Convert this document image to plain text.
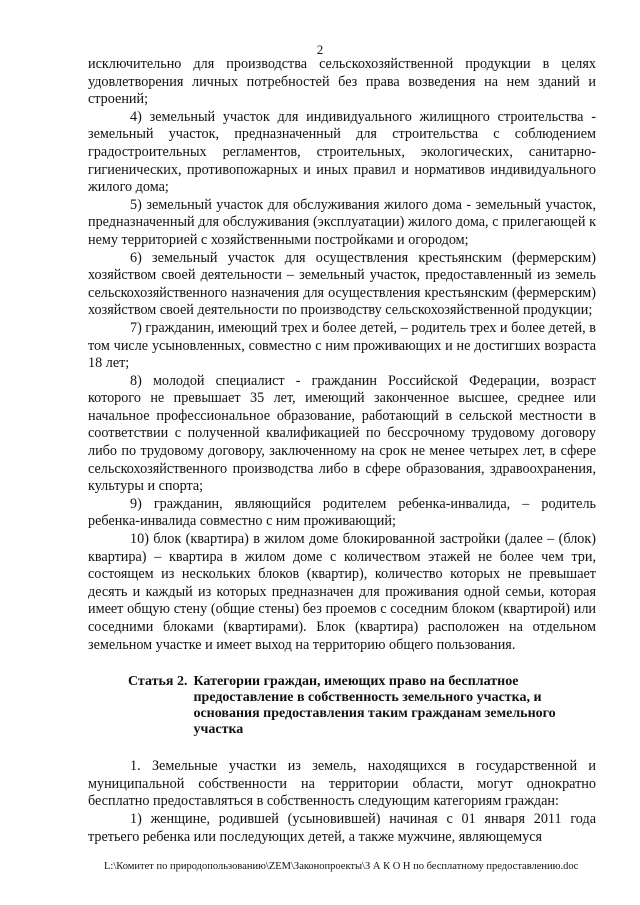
2

исключительно для производства сельскохозяйственной продукции в целях удовлетворения личных потребностей без права возведения на нем зданий и строений;

4) земельный участок для индивидуального жилищного строительства - земельный участок, предназначенный для строительства с соблюдением градостроительных регламентов, строительных, экологических, санитарно-гигиенических, противопожарных и иных правил и нормативов индивидуального жилого дома;

5) земельный участок для обслуживания жилого дома - земельный участок, предназначенный для обслуживания (эксплуатации) жилого дома, с прилегающей к нему территорией с хозяйственными постройками и огородом;

6) земельный участок для осуществления крестьянским (фермерским) хозяйством своей деятельности – земельный участок, предоставленный из земель сельскохозяйственного назначения для осуществления крестьянским (фермерским) хозяйством своей деятельности по производству сельскохозяйственной продукции;

7) гражданин, имеющий трех и более детей, – родитель трех и более детей, в том числе усыновленных, совместно с ним проживающих и не достигших возраста 18 лет;

8) молодой специалист - гражданин Российской Федерации, возраст которого не превышает 35 лет, имеющий законченное высшее, среднее или начальное профессиональное образование, работающий в сельской местности в соответствии с полученной квалификацией по бессрочному трудовому договору либо по трудовому договору, заключенному на срок не менее четырех лет, в сфере сельскохозяйственного производства либо в сфере образования, здравоохранения, культуры и спорта;

9) гражданин, являющийся родителем ребенка-инвалида, – родитель ребенка-инвалида совместно с ним проживающий;

10) блок (квартира) в жилом доме блокированной застройки (далее – (блок) квартира) – квартира в жилом доме с количеством этажей не более чем три, состоящем из нескольких блоков (квартир), количество которых не превышает десять и каждый из которых предназначен для проживания одной семьи, которая имеет общую стену (общие стены) без проемов с соседним блоком (квартирой) или соседними блоками (квартирами). Блок (квартира) расположен на отдельном земельном участке и имеет выход на территорию общего пользования.

Статья 2. Категории граждан, имеющих право на бесплатное предоставление в собственность земельного участка, и основания предоставления таким гражданам земельного участка

1. Земельные участки из земель, находящихся в государственной и муниципальной собственности на территории области, могут однократно бесплатно предоставляться в собственность следующим категориям граждан:

1) женщине, родившей (усыновившей) начиная с 01 января 2011 года третьего ребенка или последующих детей, а также мужчине, являющемуся

L:\Комитет по природопользованию\ZEM\Законопроекты\З А К О Н по бесплатному предоставлению.doc
